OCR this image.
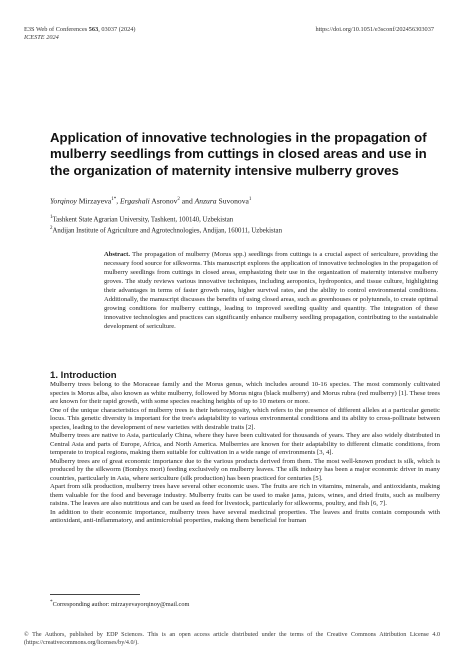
E3S Web of Conferences 563, 03037 (2024)
ICESTE 2024
https://doi.org/10.1051/e3sconf/202456303037
Application of innovative technologies in the propagation of mulberry seedlings from cuttings in closed areas and use in the organization of maternity intensive mulberry groves
Yorqinoy Mirzayeva$^{1*}$, Ergashali Asronov$^2$ and Anzura Suvonova$^1$
$^1$Tashkent State Agrarian University, Tashkent, 100140, Uzbekistan
$^2$Andijan Institute of Agriculture and Agrotechnologies, Andijan, 160011, Uzbekistan
Abstract. The propagation of mulberry (Morus spp.) seedlings from cuttings is a crucial aspect of sericulture, providing the necessary food source for silkworms. This manuscript explores the application of innovative technologies in the propagation of mulberry seedlings from cuttings in closed areas, emphasizing their use in the organization of maternity intensive mulberry groves. The study reviews various innovative techniques, including aeroponics, hydroponics, and tissue culture, highlighting their advantages in terms of faster growth rates, higher survival rates, and the ability to control environmental conditions. Additionally, the manuscript discusses the benefits of using closed areas, such as greenhouses or polytunnels, to create optimal growing conditions for mulberry cuttings, leading to improved seedling quality and quantity. The integration of these innovative technologies and practices can significantly enhance mulberry seedling propagation, contributing to the sustainable development of sericulture.
1. Introduction

Mulberry trees belong to the Moraceae family and the Morus genus, which includes around 10-16 species. The most commonly cultivated species is Morus alba, also known as white mulberry, followed by Morus nigra (black mulberry) and Morus rubra (red mulberry) [1]. These trees are known for their rapid growth, with some species reaching heights of up to 10 meters or more.

One of the unique characteristics of mulberry trees is their heterozygosity, which refers to the presence of different alleles at a particular genetic locus. This genetic diversity is important for the tree's adaptability to various environmental conditions and its ability to cross-pollinate between species, leading to the development of new varieties with desirable traits [2].

Mulberry trees are native to Asia, particularly China, where they have been cultivated for thousands of years. They are also widely distributed in Central Asia and parts of Europe, Africa, and North America. Mulberries are known for their adaptability to different climatic conditions, from temperate to tropical regions, making them suitable for cultivation in a wide range of environments [3, 4].

Mulberry trees are of great economic importance due to the various products derived from them. The most well-known product is silk, which is produced by the silkworm (Bombyx mori) feeding exclusively on mulberry leaves. The silk industry has been a major economic driver in many countries, particularly in Asia, where sericulture (silk production) has been practiced for centuries [5].

Apart from silk production, mulberry trees have several other economic uses. The fruits are rich in vitamins, minerals, and antioxidants, making them valuable for the food and beverage industry. Mulberry fruits can be used to make jams, juices, wines, and dried fruits, such as mulberry raisins. The leaves are also nutritious and can be used as feed for livestock, particularly for silkworms, poultry, and fish [6, 7].

In addition to their economic importance, mulberry trees have several medicinal properties. The leaves and fruits contain compounds with antioxidant, anti-inflammatory, and antimicrobial properties, making them beneficial for human

*Corresponding author: mirzayevayorqinoy@mail.com
© The Authors, published by EDP Sciences. This is an open access article distributed under the terms of the Creative Commons Attribution License 4.0 (https://creativecommons.org/licenses/by/4.0/).
